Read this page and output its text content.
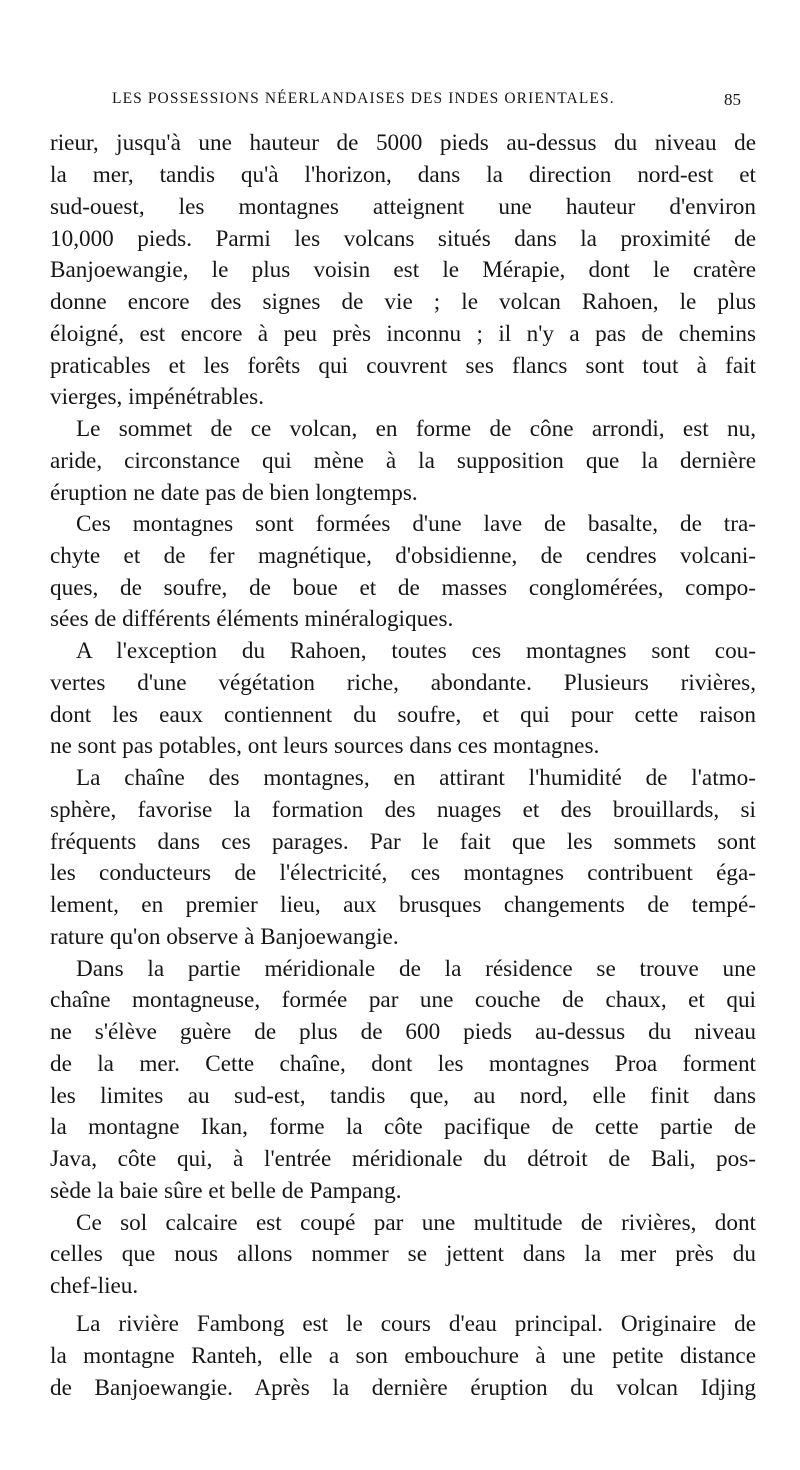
LES POSSESSIONS NÉERLANDAISES DES INDES ORIENTALES.	85
rieur, jusqu'à une hauteur de 5000 pieds au-dessus du niveau de
la mer, tandis qu'à l'horizon, dans la direction nord-est et
sud-ouest, les montagnes atteignent une hauteur d'environ
10,000 pieds. Parmi les volcans situés dans la proximité de
Banjoewangie, le plus voisin est le Mérapie, dont le cratère
donne encore des signes de vie ; le volcan Rahoen, le plus
éloigné, est encore à peu près inconnu ; il n'y a pas de chemins
praticables et les forêts qui couvrent ses flancs sont tout à fait
vierges, impénétrables.
Le sommet de ce volcan, en forme de cône arrondi, est nu,
aride, circonstance qui mène à la supposition que la dernière
éruption ne date pas de bien longtemps.
Ces montagnes sont formées d'une lave de basalte, de tra-
chyte et de fer magnétique, d'obsidienne, de cendres volcani-
ques, de soufre, de boue et de masses conglomérées, compo-
sées de différents éléments minéralogiques.
A l'exception du Rahoen, toutes ces montagnes sont cou-
vertes d'une végétation riche, abondante. Plusieurs rivières,
dont les eaux contiennent du soufre, et qui pour cette raison
ne sont pas potables, ont leurs sources dans ces montagnes.
La chaîne des montagnes, en attirant l'humidité de l'atmo-
sphère, favorise la formation des nuages et des brouillards, si
fréquents dans ces parages. Par le fait que les sommets sont
les conducteurs de l'électricité, ces montagnes contribuent éga-
lement, en premier lieu, aux brusques changements de tempé-
rature qu'on observe à Banjoewangie.
Dans la partie méridionale de la résidence se trouve une
chaîne montagneuse, formée par une couche de chaux, et qui
ne s'élève guère de plus de 600 pieds au-dessus du niveau
de la mer. Cette chaîne, dont les montagnes Proa forment
les limites au sud-est, tandis que, au nord, elle finit dans
la montagne Ikan, forme la côte pacifique de cette partie de
Java, côte qui, à l'entrée méridionale du détroit de Bali, pos-
sède la baie sûre et belle de Pampang.
Ce sol calcaire est coupé par une multitude de rivières, dont
celles que nous allons nommer se jettent dans la mer près du
chef-lieu.
La rivière Fambong est le cours d'eau principal. Originaire de
la montagne Ranteh, elle a son embouchure à une petite distance
de Banjoewangie. Après la dernière éruption du volcan Idjing
